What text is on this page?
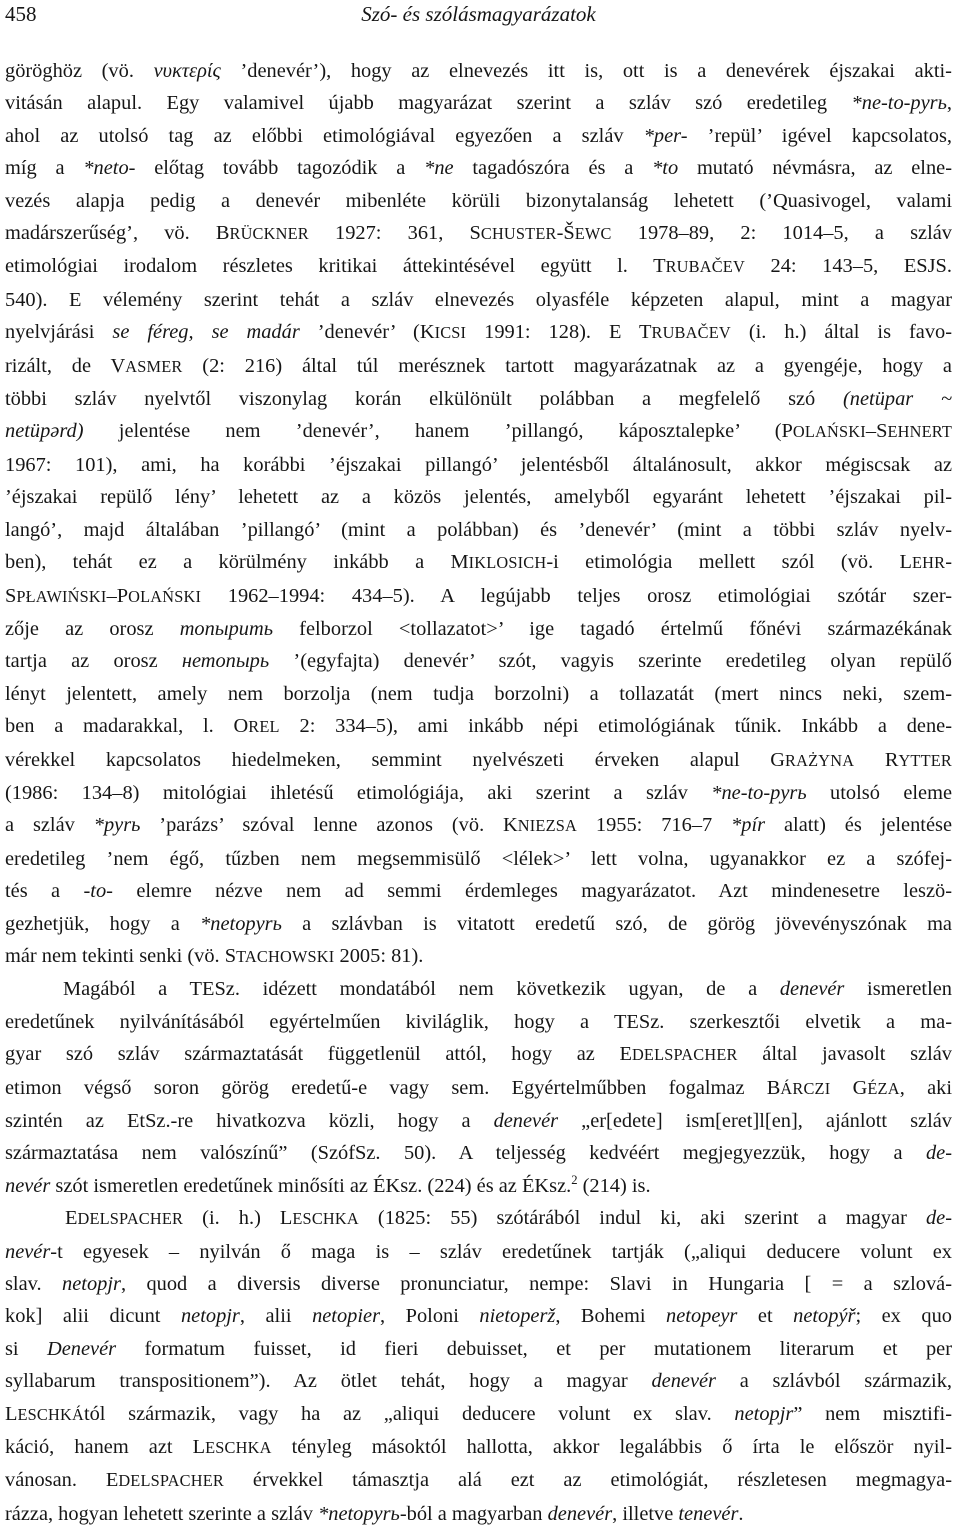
458	Szó- és szólásmagyarázatok

göröghöz (vö. νυκτερίς ’denevér’), hogy az elnevezés itt is, ott is a denevérek éjszakai akti-

vitásán alapul. Egy valamivel újabb magyarázat szerint a szláv szó eredetileg *ne-to-pyrь,

ahol az utolsó tag az előbbi etimológiával egyezően a szláv *per- ’repül’ igével kapcsolatos,

míg a *neto- előtag tovább tagozódik a *ne tagadószóra és a *to mutató névmásra, az elne-

vezés alapja pedig a denevér mibenléte körüli bizonytalanság lehetett (’Quasivogel, valami

madárszerűség’, vö. BRÜCKNER 1927: 361, SCHUSTER-ŠEWC 1978–89, 2: 1014–5, a szláv

etimológiai irodalom részletes kritikai áttekintésével együtt l. TRUBAČEV 24: 143–5, ESJS.

540). E vélemény szerint tehát a szláv elnevezés olyasféle képzeten alapul, mint a magyar

nyelvjárási se féreg, se madár ’denevér’ (KICSI 1991: 128). E TRUBAČEV (i. h.) által is favo-

rizált, de VASMER (2: 216) által túl merésznek tartott magyarázatnak az a gyengéje, hogy a

többi szláv nyelvtől viszonylag korán elkülönült polábban a megfelelő szó (netüpar ~

netüpərd) jelentése nem ’denevér’, hanem ’pillangó, káposztalepke’ (POLAŃSKI–SEHNERT

1967: 101), ami, ha korábbi ’éjszakai pillangó’ jelentésből általánosult, akkor mégiscsak az

’éjszakai repülő lény’ lehetett az a közös jelentés, amelyből egyaránt lehetett ’éjszakai pil-

langó’, majd általában ’pillangó’ (mint a polábban) és ’denevér’ (mint a többi szláv nyelv-

ben), tehát ez a körülmény inkább a MIKLOSICH-i etimológia mellett szól (vö. LEHR-

SPŁAWIŃSKI–POLAŃSKI 1962–1994: 434–5). A legújabb teljes orosz etimológiai szótár szer-

zője az orosz топырить felborzol <tollazatot>’ ige tagadó értelmű főnévi származékának

tartja az orosz нетопырь ’(egyfajta) denevér’ szót, vagyis szerinte eredetileg olyan repülő

lényt jelentett, amely nem borzolja (nem tudja borzolni) a tollazatát (mert nincs neki, szem-

ben a madarakkal, l. OREL 2: 334–5), ami inkább népi etimológiának tűnik. Inkább a dene-

vérekkel kapcsolatos hiedelmeken, semmint nyelvészeti érveken alapul GRAŻYNA RYTTER

(1986: 134–8) mitológiai ihletésű etimológiája, aki szerint a szláv *ne-to-pyrь utolsó eleme

a szláv *pyrь ’parázs’ szóval lenne azonos (vö. KNIEZSA 1955: 716–7 *pír alatt) és jelentése

eredetileg ’nem égő, tűzben nem megsemmisülő <lélek>’ lett volna, ugyanakkor ez a szófej-

tés a -to- elemre nézve nem ad semmi érdemleges magyarázatot. Azt mindenesetre leszö-

gezhetjük, hogy a *netopyrь a szlávban is vitatott eredetű szó, de görög jövevényszónak ma

már nem tekinti senki (vö. STACHOWSKI 2005: 81).

Magából a TESz. idézett mondatából nem következik ugyan, de a denevér ismeretlen

eredetűnek nyilvánításából egyértelműen kiviláglik, hogy a TESz. szerkesztői elvetik a ma-

gyar szó szláv származtatását függetlenül attól, hogy az EDELSPACHER által javasolt szláv

etimon végső soron görög eredetű-e vagy sem. Egyértelműbben fogalmaz BÁRCZI GÉZA, aki

szintén az EtSz.-re hivatkozva közli, hogy a denevér „er[edete] ism[eret]l[en], ajánlott szláv

származtatása nem valószínű” (SzófSz. 50). A teljesség kedvéért megjegyezzük, hogy a de-

nevér szót ismeretlen eredetűnek minősíti az ÉKsz. (224) és az ÉKsz.$^2$ (214) is.

EDELSPACHER (i. h.) LESCHKA (1825: 55) szótárából indul ki, aki szerint a magyar de-

nevér-t egyesek – nyilván ő maga is – szláv eredetűnek tartják („aliqui deducere volunt ex

slav. netopjr, quod a diversis diverse pronunciatur, nempe: Slavi in Hungaria [ = a szlová-

kok] alii dicunt netopjr, alii netopier, Poloni nietoperž, Bohemi netopeyr et netopýř; ex quo

si Denevér formatum fuisset, id fieri debuisset, et per mutationem literarum et per

syllabarum transpositionem”). Az ötlet tehát, hogy a magyar denevér a szlávból származik,

LESCHKÁtól származik, vagy ha az „aliqui deducere volunt ex slav. netopjr” nem misztifi-

káció, hanem azt LESCHKA tényleg másoktól hallotta, akkor legalábbis ő írta le először nyil-

vánosan. EDELSPACHER érvekkel támasztja alá ezt az etimológiát, részletesen megmagya-

rázza, hogyan lehetett szerinte a szláv *netopyrь-ból a magyarban denevér, illetve tenevér.
